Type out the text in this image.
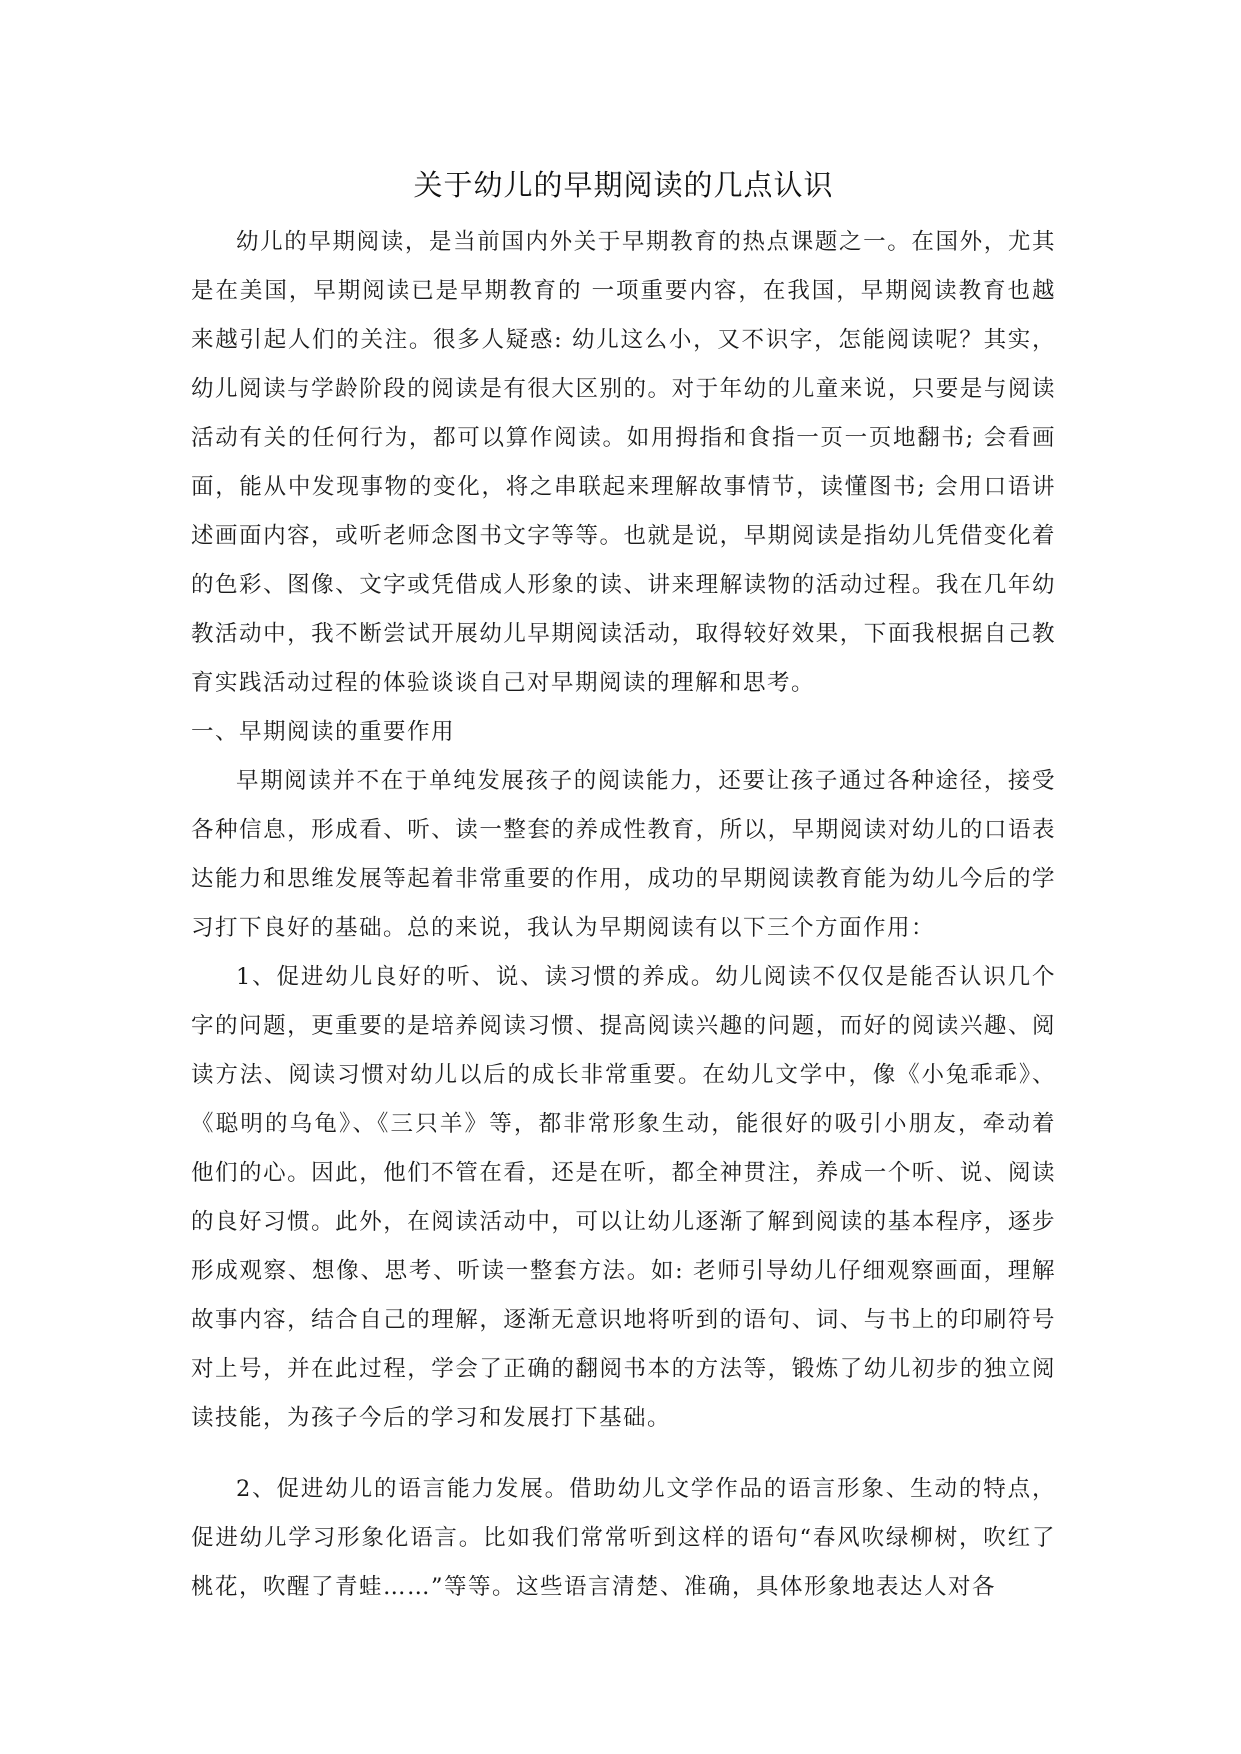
关于幼儿的早期阅读的几点认识

幼儿的早期阅读，是当前国内外关于早期教育的热点课题之一。在国外，尤其是在美国，早期阅读已是早期教育的 一项重要内容，在我国，早期阅读教育也越来越引起人们的关注。很多人疑惑: 幼儿这么小，又不识字，怎能阅读呢？其实，幼儿阅读与学龄阶段的阅读是有很大区别的。对于年幼的儿童来说，只要是与阅读活动有关的任何行为，都可以算作阅读。如用拇指和食指一页一页地翻书; 会看画面，能从中发现事物的变化，将之串联起来理解故事情节，读懂图书; 会用口语讲述画面内容，或听老师念图书文字等等。也就是说，早期阅读是指幼儿凭借变化着的色彩、图像、文字或凭借成人形象的读、讲来理解读物的活动过程。我在几年幼教活动中，我不断尝试开展幼儿早期阅读活动，取得较好效果，下面我根据自己教育实践活动过程的体验谈谈自己对早期阅读的理解和思考。

一、早期阅读的重要作用

早期阅读并不在于单纯发展孩子的阅读能力，还要让孩子通过各种途径，接受各种信息，形成看、听、读一整套的养成性教育，所以，早期阅读对幼儿的口语表达能力和思维发展等起着非常重要的作用，成功的早期阅读教育能为幼儿今后的学习打下良好的基础。总的来说，我认为早期阅读有以下三个方面作用：

1、促进幼儿良好的听、说、读习惯的养成。幼儿阅读不仅仅是能否认识几个字的问题，更重要的是培养阅读习惯、提高阅读兴趣的问题，而好的阅读兴趣、阅读方法、阅读习惯对幼儿以后的成长非常重要。在幼儿文学中，像《小兔乖乖》、《聪明的乌龟》、《三只羊》等，都非常形象生动，能很好的吸引小朋友，牵动着他们的心。因此，他们不管在看，还是在听，都全神贯注，养成一个听、说、阅读的良好习惯。此外，在阅读活动中，可以让幼儿逐渐了解到阅读的基本程序，逐步形成观察、想像、思考、听读一整套方法。如: 老师引导幼儿仔细观察画面，理解故事内容，结合自己的理解，逐渐无意识地将听到的语句、词、与书上的印刷符号对上号，并在此过程，学会了正确的翻阅书本的方法等，锻炼了幼儿初步的独立阅读技能，为孩子今后的学习和发展打下基础。

2、促进幼儿的语言能力发展。借助幼儿文学作品的语言形象、生动的特点，促进幼儿学习形象化语言。比如我们常常听到这样的语句“春风吹绿柳树，吹红了桃花，吹醒了青蛙……”等等。这些语言清楚、准确，具体形象地表达人对各
